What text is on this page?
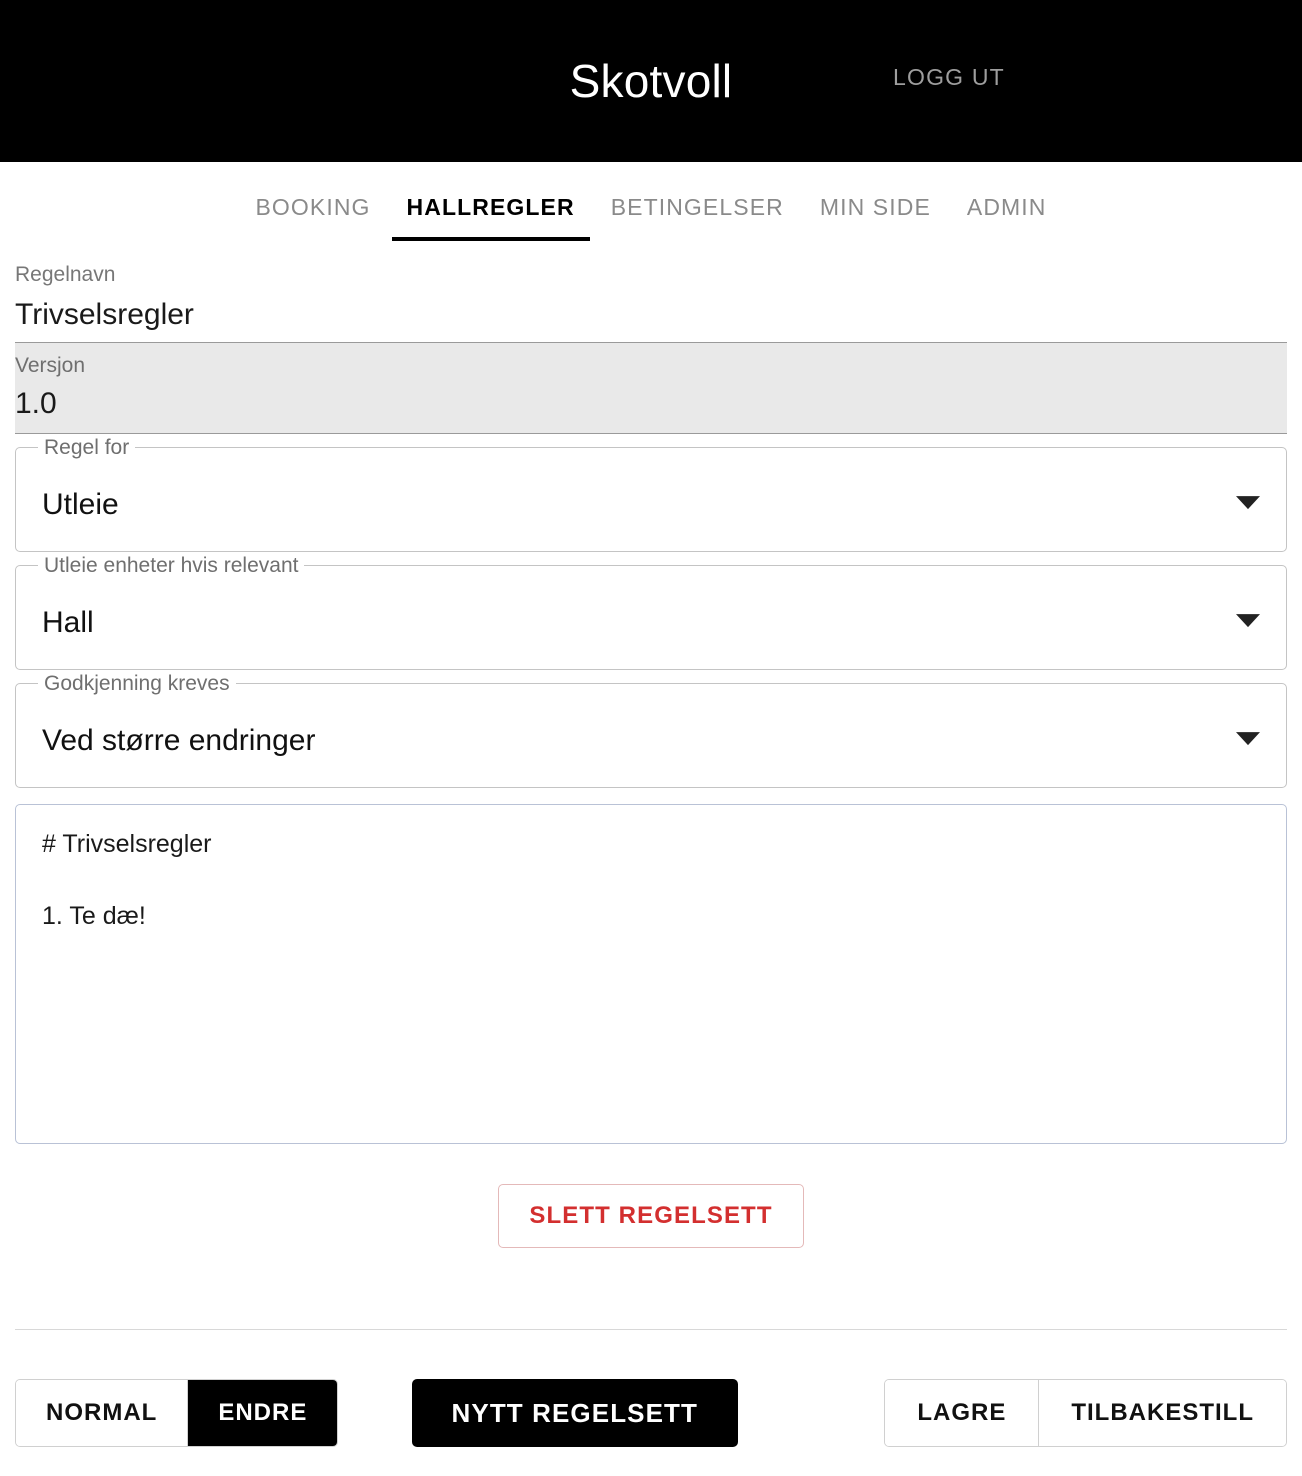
Skotvoll	LOGG UT
BOOKING	HALLREGLER	BETINGELSER	MIN SIDE	ADMIN
Regelnavn
Trivselsregler
Versjon
1.0
Regel for
Utleie
Utleie enheter hvis relevant
Hall
Godkjenning kreves
Ved større endringer
# Trivselsregler
1. Te dæ!
SLETT REGELSETT
NORMAL	ENDRE	NYTT REGELSETT	LAGRE	TILBAKESTILL
